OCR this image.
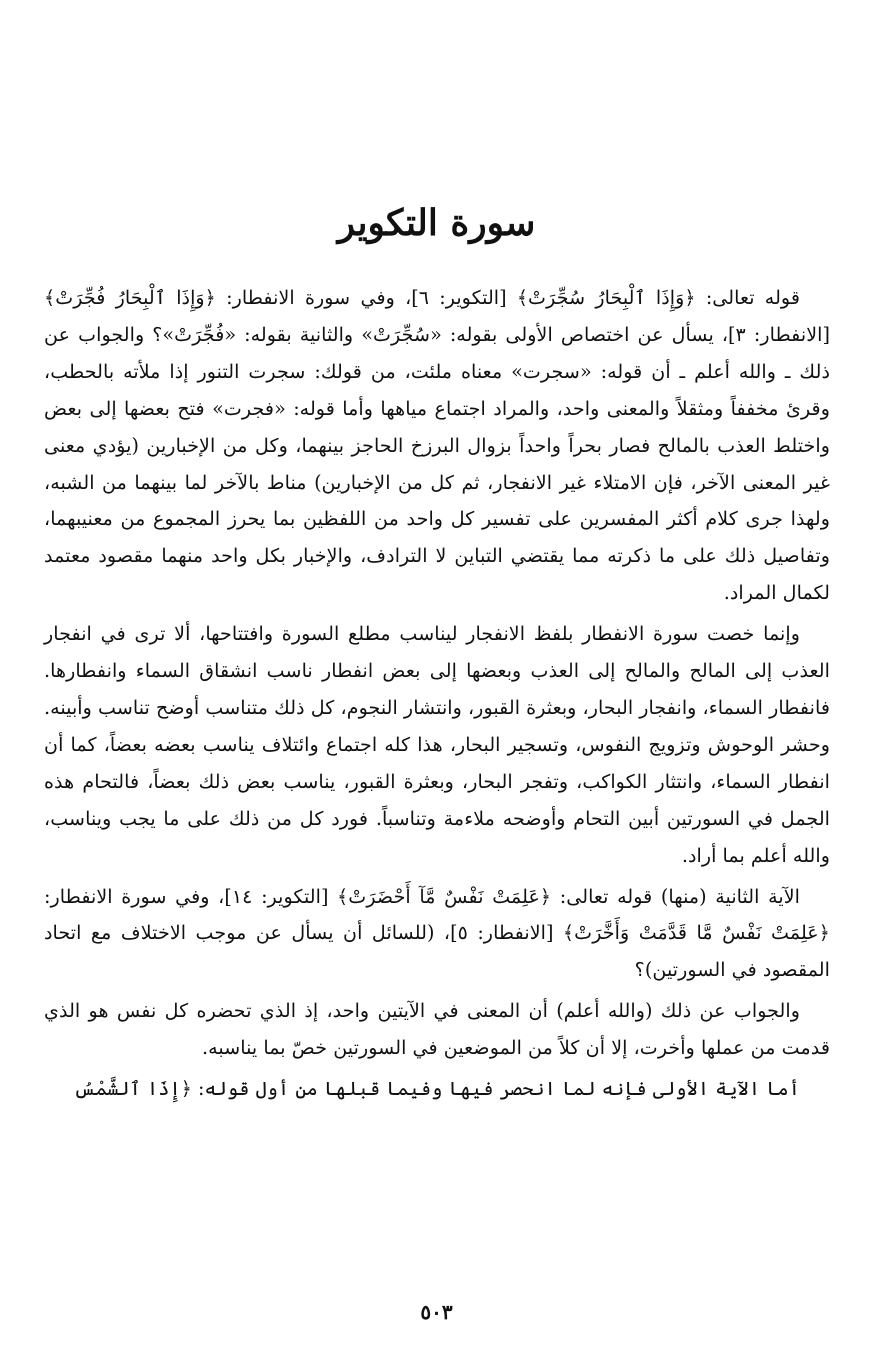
سورة التكوير

قوله تعالى: ﴿وَإِذَا ٱلْبِحَارُ سُجِّرَتْ﴾ [التكوير: ٦]، وفي سورة الانفطار: ﴿وَإِذَا ٱلْبِحَارُ فُجِّرَتْ﴾ [الانفطار: ٣]، يسأل عن اختصاص الأولى بقوله: «سُجِّرَتْ» والثانية بقوله: «فُجِّرَتْ»؟ والجواب عن ذلك ـ والله أعلم ـ أن قوله: «سجرت» معناه ملئت، من قولك: سجرت التنور إذا ملأته بالحطب، وقرئ مخففاً ومثقلاً والمعنى واحد، والمراد اجتماع مياهها وأما قوله: «فجرت» فتح بعضها إلى بعض واختلط العذب بالمالح فصار بحراً واحداً بزوال البرزخ الحاجز بينهما، وكل من الإخبارين (يؤدي معنى غير المعنى الآخر، فإن الامتلاء غير الانفجار، ثم كل من الإخبارين) مناط بالآخر لما بينهما من الشبه، ولهذا جرى كلام أكثر المفسرين على تفسير كل واحد من اللفظين بما يحرز المجموع من معنيبهما، وتفاصيل ذلك على ما ذكرته مما يقتضي التباين لا الترادف، والإخبار بكل واحد منهما مقصود معتمد لكمال المراد.

وإنما خصت سورة الانفطار بلفظ الانفجار ليناسب مطلع السورة وافتتاحها، ألا ترى في انفجار العذب إلى المالح والمالح إلى العذب وبعضها إلى بعض انفطار ناسب انشقاق السماء وانفطارها. فانفطار السماء، وانفجار البحار، وبعثرة القبور، وانتشار النجوم، كل ذلك متناسب أوضح تناسب وأبينه. وحشر الوحوش وتزويج النفوس، وتسجير البحار، هذا كله اجتماع وائتلاف يناسب بعضه بعضاً، كما أن انفطار السماء، وانتثار الكواكب، وتفجر البحار، وبعثرة القبور، يناسب بعض ذلك بعضاً، فالتحام هذه الجمل في السورتين أبين التحام وأوضحه ملاءمة وتناسباً. فورد كل من ذلك على ما يجب ويناسب، والله أعلم بما أراد.

الآية الثانية (منها) قوله تعالى: ﴿عَلِمَتْ نَفْسٌ مَّآ أَحْضَرَتْ﴾ [التكوير: ١٤]، وفي سورة الانفطار: ﴿عَلِمَتْ نَفْسٌ مَّا قَدَّمَتْ وَأَخَّرَتْ﴾ [الانفطار: ٥]، (للسائل أن يسأل عن موجب الاختلاف مع اتحاد المقصود في السورتين)؟

والجواب عن ذلك (والله أعلم) أن المعنى في الآيتين واحد، إذ الذي تحضره كل نفس هو الذي قدمت من عملها وأخرت، إلا أن كلاً من الموضعين في السورتين خصّ بما يناسبه.

أما الآية الأولى فإنه لما انحصر فيها وفيما قبلها من أول قوله: ﴿إِذَا ٱلشَّمْسُ

٥٠٣
